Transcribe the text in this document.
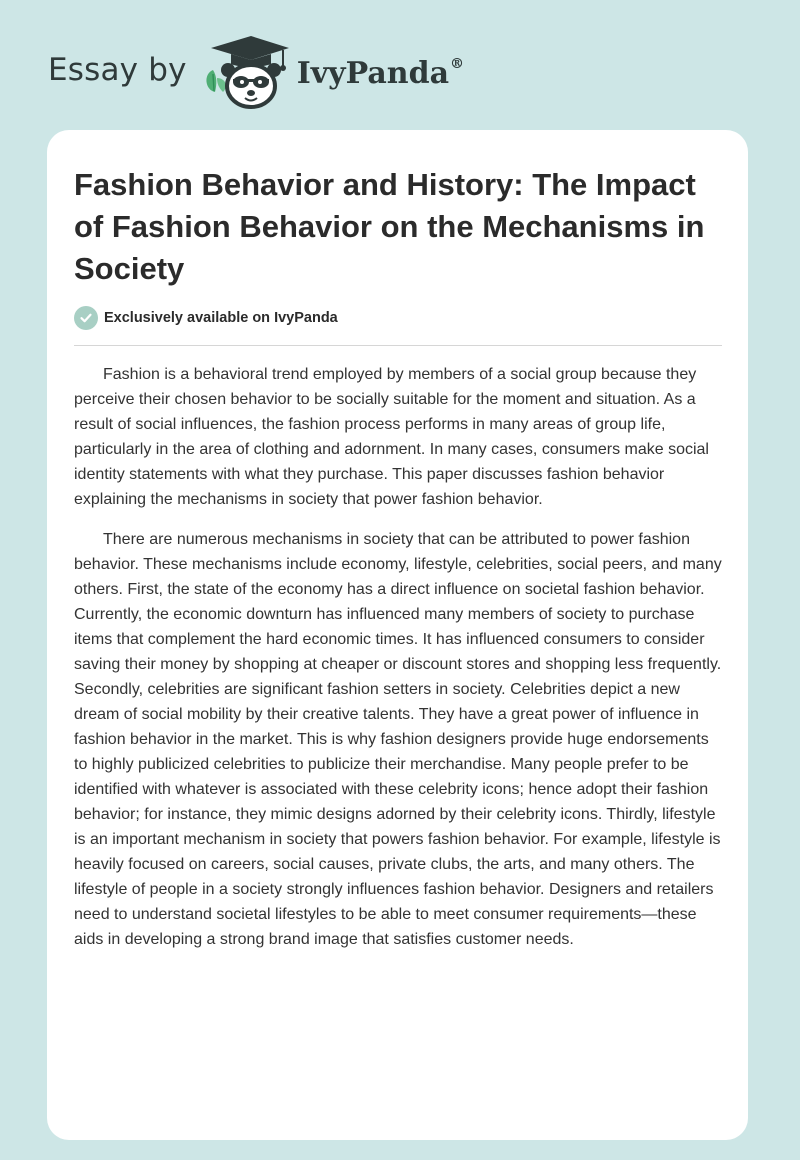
Essay by	IvyPanda®
Fashion Behavior and History: The Impact of Fashion Behavior on the Mechanisms in Society
Exclusively available on IvyPanda

Fashion is a behavioral trend employed by members of a social group because they perceive their chosen behavior to be socially suitable for the moment and situation. As a result of social influences, the fashion process performs in many areas of group life, particularly in the area of clothing and adornment. In many cases, consumers make social identity statements with what they purchase. This paper discusses fashion behavior explaining the mechanisms in society that power fashion behavior.

There are numerous mechanisms in society that can be attributed to power fashion behavior. These mechanisms include economy, lifestyle, celebrities, social peers, and many others. First, the state of the economy has a direct influence on societal fashion behavior. Currently, the economic downturn has influenced many members of society to purchase items that complement the hard economic times. It has influenced consumers to consider saving their money by shopping at cheaper or discount stores and shopping less frequently. Secondly, celebrities are significant fashion setters in society. Celebrities depict a new dream of social mobility by their creative talents. They have a great power of influence in fashion behavior in the market. This is why fashion designers provide huge endorsements to highly publicized celebrities to publicize their merchandise. Many people prefer to be identified with whatever is associated with these celebrity icons; hence adopt their fashion behavior; for instance, they mimic designs adorned by their celebrity icons. Thirdly, lifestyle is an important mechanism in society that powers fashion behavior. For example, lifestyle is heavily focused on careers, social causes, private clubs, the arts, and many others. The lifestyle of people in a society strongly influences fashion behavior. Designers and retailers need to understand societal lifestyles to be able to meet consumer requirements—these aids in developing a strong brand image that satisfies customer needs.
